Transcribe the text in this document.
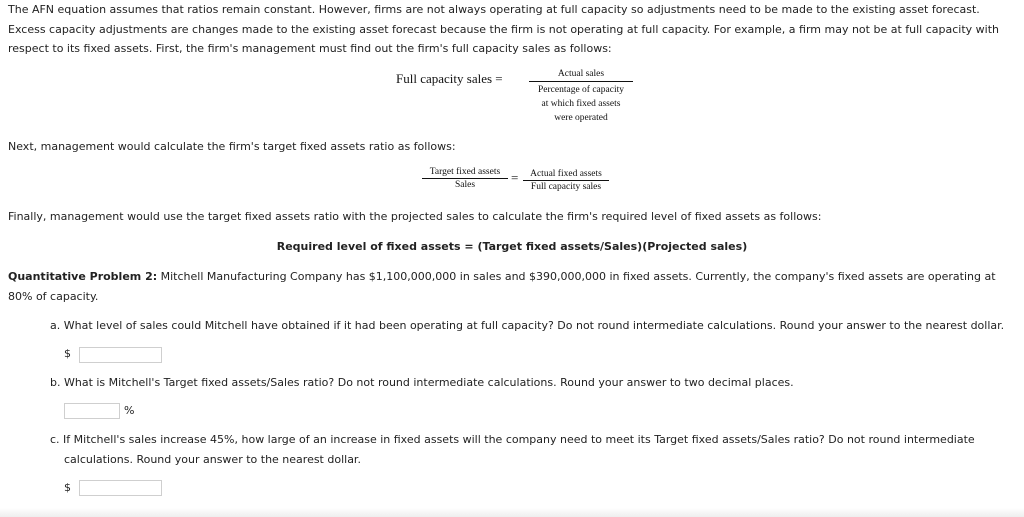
The AFN equation assumes that ratios remain constant. However, firms are not always operating at full capacity so adjustments need to be made to the existing asset forecast.
Excess capacity adjustments are changes made to the existing asset forecast because the firm is not operating at full capacity. For example, a firm may not be at full capacity with
respect to its fixed assets. First, the firm's management must find out the firm's full capacity sales as follows:
Full capacity sales =	Actual sales
Percentage of capacity
at which fixed assets
were operated
Next, management would calculate the firm's target fixed assets ratio as follows:
Target fixed assets
Sales	=	Actual fixed assets
Full capacity sales
Finally, management would use the target fixed assets ratio with the projected sales to calculate the firm's required level of fixed assets as follows:
Required level of fixed assets = (Target fixed assets/Sales)(Projected sales)
Quantitative Problem 2: Mitchell Manufacturing Company has $1,100,000,000 in sales and $390,000,000 in fixed assets. Currently, the company's fixed assets are operating at
80% of capacity.
a. What level of sales could Mitchell have obtained if it had been operating at full capacity? Do not round intermediate calculations. Round your answer to the nearest dollar.
$
b. What is Mitchell's Target fixed assets/Sales ratio? Do not round intermediate calculations. Round your answer to two decimal places.
%
c. If Mitchell's sales increase 45%, how large of an increase in fixed assets will the company need to meet its Target fixed assets/Sales ratio? Do not round intermediate
calculations. Round your answer to the nearest dollar.
$
